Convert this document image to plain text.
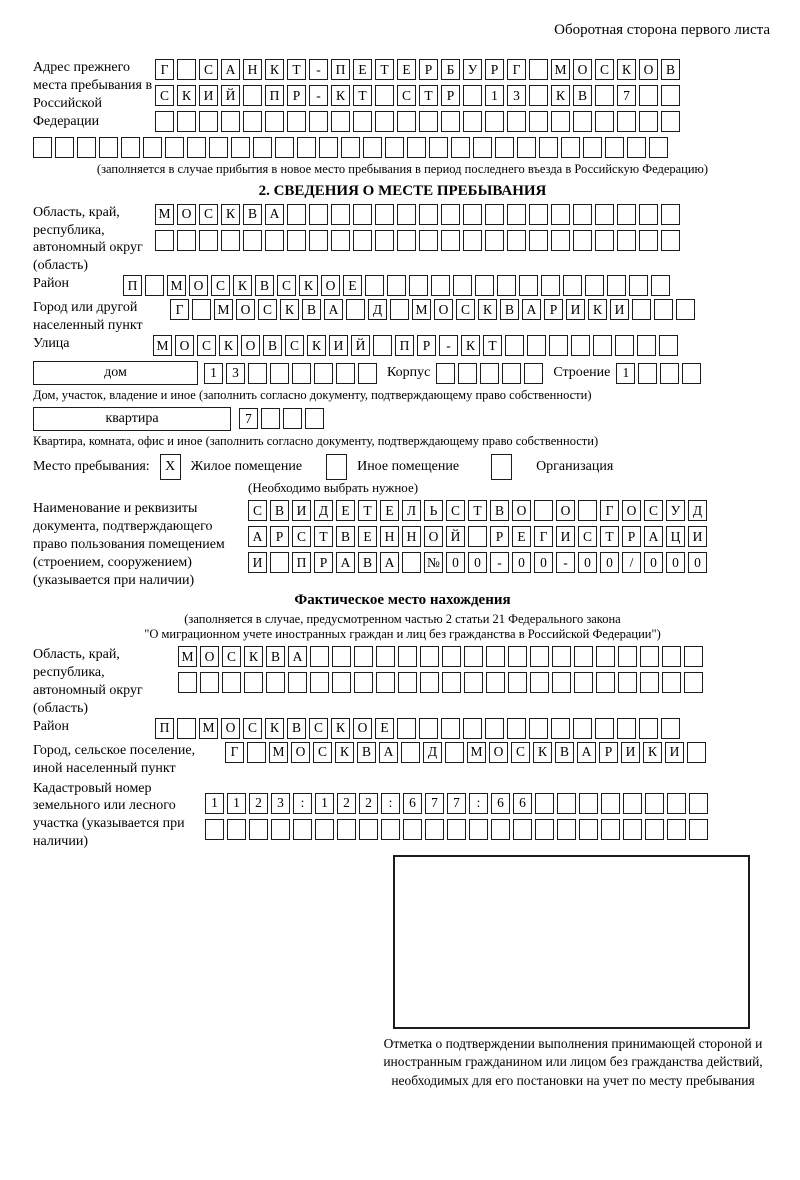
Оборотная сторона первого листа
Адрес прежнего места пребывания в Российской Федерации
Г	С А Н К Т	-	П Е	Т	Е	Р	Б У Р	Г	М О С К О В
С К И Й	П Р	-	К Т	С Т	Р	1	3	К В	7
(заполняется в случае прибытия в новое место пребывания в период последнего въезда в Российскую Федерацию)
2. СВЕДЕНИЯ О МЕСТЕ ПРЕБЫВАНИЯ
Область, край, республика, автономный округ (область)
М О С К В А
Район	П	М О С К В С К О Е
Город или другой населенный пункт
Г	М О С К В А	Д	М О С К В А Р И К И
Улица	М О С К О В С К И Й	П Р	-	К Т
дом	1	3	Корпус	Строение 1
Дом, участок, владение и иное (заполнить согласно документу, подтверждающему право собственности)
квартира	7
Квартира, комната, офис и иное (заполнить согласно документу, подтверждающему право собственности)
Место пребывания:	X	Жилое помещение	Иное помещение	Организация
(Необходимо выбрать нужное)
Наименование и реквизиты документа, подтверждающего право пользования помещением (строением, сооружением) (указывается при наличии)
С В И Д Е	Т	Е Л	Ь	С Т В О	О	Г О С У Д
А Р	С Т В Е Н Н О Й	Р	Е	Г И С Т	Р А Ц И
И	П Р А В А	№ 0	0	-	0	0	-	0	0	/	0	0	0
Фактическое место нахождения
(заполняется в случае, предусмотренном частью 2 статьи 21 Федерального закона
"О миграционном учете иностранных граждан и лиц без гражданства в Российской Федерации")
Область, край, республика, автономный округ (область)
М О С К В А
Район	П	М О С К В С К О Е
Город, сельское поселение, иной населенный пункт
Г	М О С К В А	Д	М О С К В А Р И К И
Кадастровый номер земельного или лесного участка (указывается при наличии)
1	1	2	3	:	1	2	2	:	6	7	7	:	6	6
Отметка о подтверждении выполнения принимающей стороной и иностранным гражданином или лицом без гражданства действий, необходимых для его постановки на учет по месту пребывания
